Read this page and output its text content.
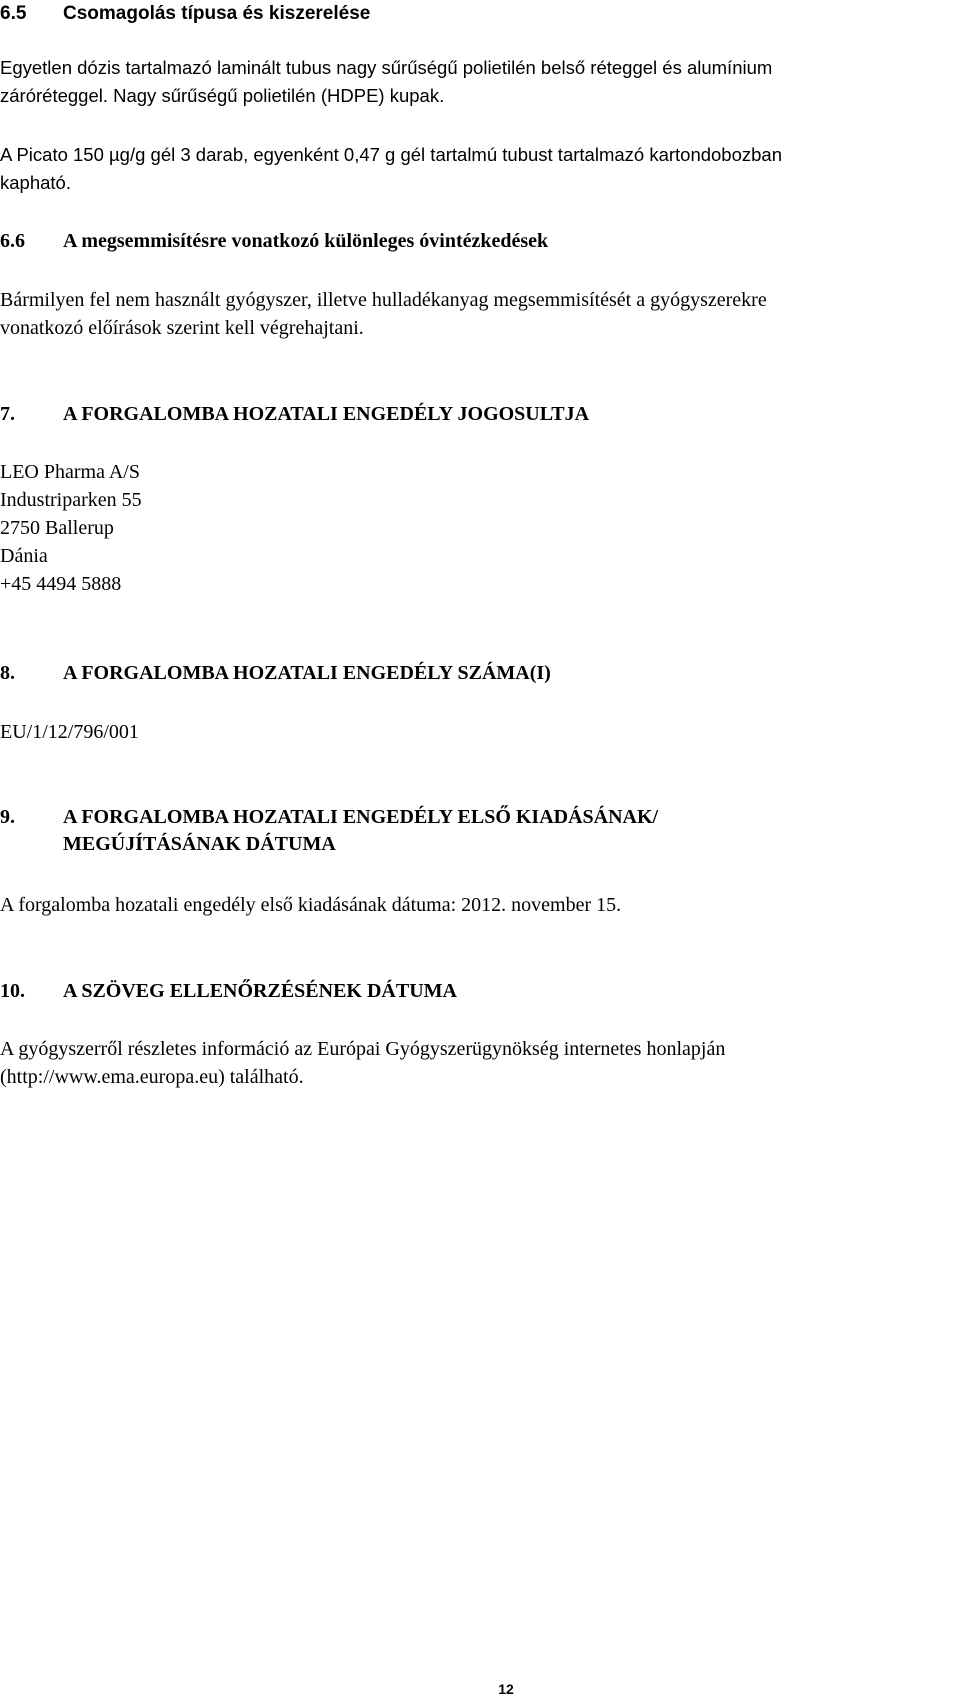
6.5 Csomagolás típusa és kiszerelése
Egyetlen dózis tartalmazó laminált tubus nagy sűrűségű polietilén belső réteggel és alumínium
záróréteggel. Nagy sűrűségű polietilén (HDPE) kupak.
A Picato 150 µg/g gél 3 darab, egyenként 0,47 g gél tartalmú tubust tartalmazó kartondobozban
kapható.
6.6 A megsemmisítésre vonatkozó különleges óvintézkedések
Bármilyen fel nem használt gyógyszer, illetve hulladékanyag megsemmisítését a gyógyszerekre
vonatkozó előírások szerint kell végrehajtani.
7. A FORGALOMBA HOZATALI ENGEDÉLY JOGOSULTJA
LEO Pharma A/S
Industriparken 55
2750 Ballerup
Dánia
+45 4494 5888
8. A FORGALOMBA HOZATALI ENGEDÉLY SZÁMA(I)
EU/1/12/796/001
9. A FORGALOMBA HOZATALI ENGEDÉLY ELSŐ KIADÁSÁNAK/
MEGÚJÍTÁSÁNAK DÁTUMA
A forgalomba hozatali engedély első kiadásának dátuma: 2012. november 15.
10. A SZÖVEG ELLENŐRZÉSÉNEK DÁTUMA
A gyógyszerről részletes információ az Európai Gyógyszerügynökség internetes honlapján
(http://www.ema.europa.eu) található.
12
